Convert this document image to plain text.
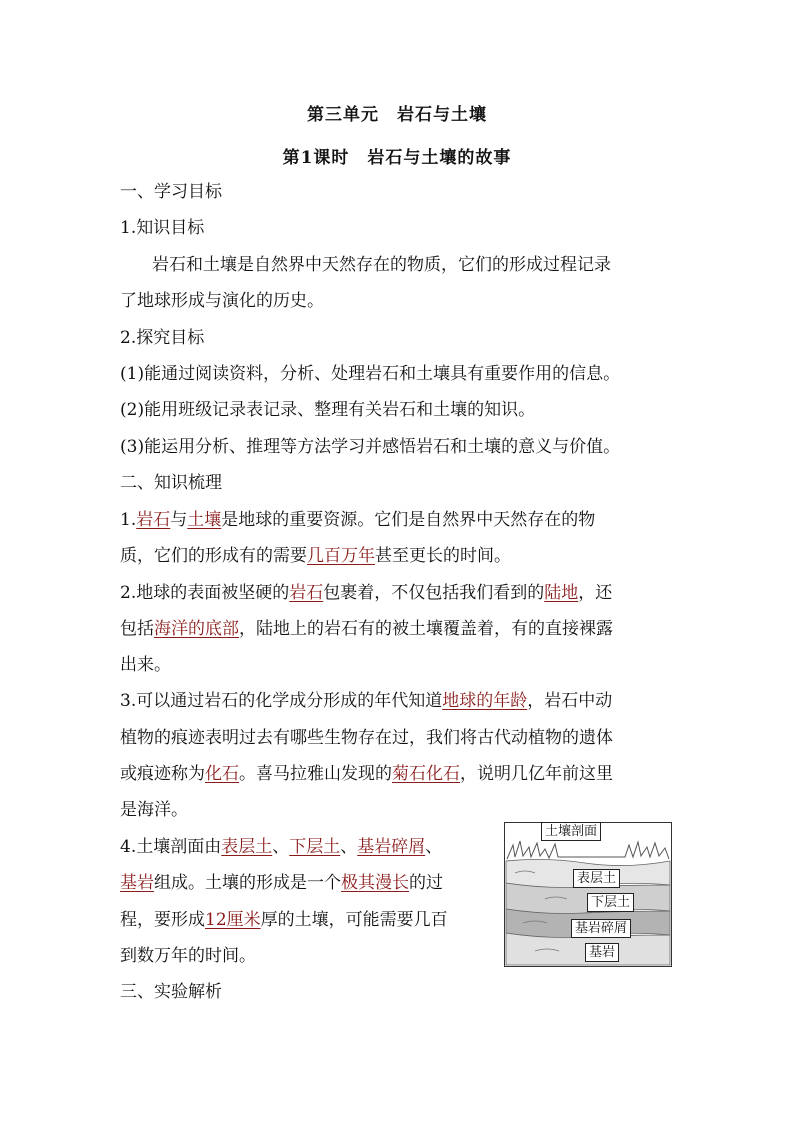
第三单元　岩石与土壤
第1课时　岩石与土壤的故事
一、学习目标
1.知识目标
岩石和土壤是自然界中天然存在的物质，它们的形成过程记录
了地球形成与演化的历史。
2.探究目标
(1)能通过阅读资料，分析、处理岩石和土壤具有重要作用的信息。
(2)能用班级记录表记录、整理有关岩石和土壤的知识。
(3)能运用分析、推理等方法学习并感悟岩石和土壤的意义与价值。
二、知识梳理
1.岩石与土壤是地球的重要资源。它们是自然界中天然存在的物
质，它们的形成有的需要几百万年甚至更长的时间。
2.地球的表面被坚硬的岩石包裹着，不仅包括我们看到的陆地，还
包括海洋的底部，陆地上的岩石有的被土壤覆盖着，有的直接裸露
出来。
3.可以通过岩石的化学成分形成的年代知道地球的年龄，岩石中动
植物的痕迹表明过去有哪些生物存在过，我们将古代动植物的遗体
或痕迹称为化石。喜马拉雅山发现的菊石化石，说明几亿年前这里
是海洋。
4.土壤剖面由表层土、下层土、基岩碎屑、
基岩组成。土壤的形成是一个极其漫长的过
程，要形成12厘米厚的土壤，可能需要几百
到数万年的时间。
三、实验解析
土壤剖面
表层土
下层土
基岩碎屑
基岩
